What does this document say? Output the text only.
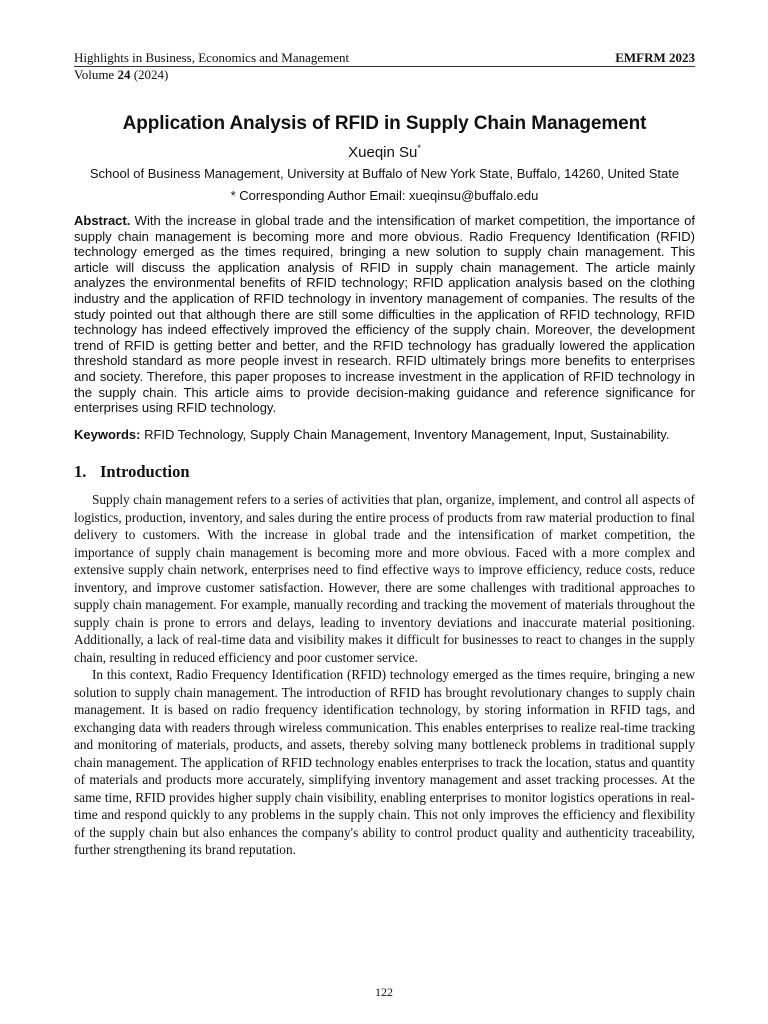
Highlights in Business, Economics and Management	EMFRM 2023
Volume 24 (2024)
Application Analysis of RFID in Supply Chain Management
Xueqin Su*
School of Business Management, University at Buffalo of New York State, Buffalo, 14260, United State
* Corresponding Author Email: xueqinsu@buffalo.edu
Abstract. With the increase in global trade and the intensification of market competition, the importance of supply chain management is becoming more and more obvious. Radio Frequency Identification (RFID) technology emerged as the times required, bringing a new solution to supply chain management. This article will discuss the application analysis of RFID in supply chain management. The article mainly analyzes the environmental benefits of RFID technology; RFID application analysis based on the clothing industry and the application of RFID technology in inventory management of companies. The results of the study pointed out that although there are still some difficulties in the application of RFID technology, RFID technology has indeed effectively improved the efficiency of the supply chain. Moreover, the development trend of RFID is getting better and better, and the RFID technology has gradually lowered the application threshold standard as more people invest in research. RFID ultimately brings more benefits to enterprises and society. Therefore, this paper proposes to increase investment in the application of RFID technology in the supply chain. This article aims to provide decision-making guidance and reference significance for enterprises using RFID technology.
Keywords: RFID Technology, Supply Chain Management, Inventory Management, Input, Sustainability.
1. Introduction

Supply chain management refers to a series of activities that plan, organize, implement, and control all aspects of logistics, production, inventory, and sales during the entire process of products from raw material production to final delivery to customers. With the increase in global trade and the intensification of market competition, the importance of supply chain management is becoming more and more obvious. Faced with a more complex and extensive supply chain network, enterprises need to find effective ways to improve efficiency, reduce costs, reduce inventory, and improve customer satisfaction. However, there are some challenges with traditional approaches to supply chain management. For example, manually recording and tracking the movement of materials throughout the supply chain is prone to errors and delays, leading to inventory deviations and inaccurate material positioning. Additionally, a lack of real-time data and visibility makes it difficult for businesses to react to changes in the supply chain, resulting in reduced efficiency and poor customer service.

In this context, Radio Frequency Identification (RFID) technology emerged as the times require, bringing a new solution to supply chain management. The introduction of RFID has brought revolutionary changes to supply chain management. It is based on radio frequency identification technology, by storing information in RFID tags, and exchanging data with readers through wireless communication. This enables enterprises to realize real-time tracking and monitoring of materials, products, and assets, thereby solving many bottleneck problems in traditional supply chain management. The application of RFID technology enables enterprises to track the location, status and quantity of materials and products more accurately, simplifying inventory management and asset tracking processes. At the same time, RFID provides higher supply chain visibility, enabling enterprises to monitor logistics operations in real-time and respond quickly to any problems in the supply chain. This not only improves the efficiency and flexibility of the supply chain but also enhances the company's ability to control product quality and authenticity traceability, further strengthening its brand reputation.

122
